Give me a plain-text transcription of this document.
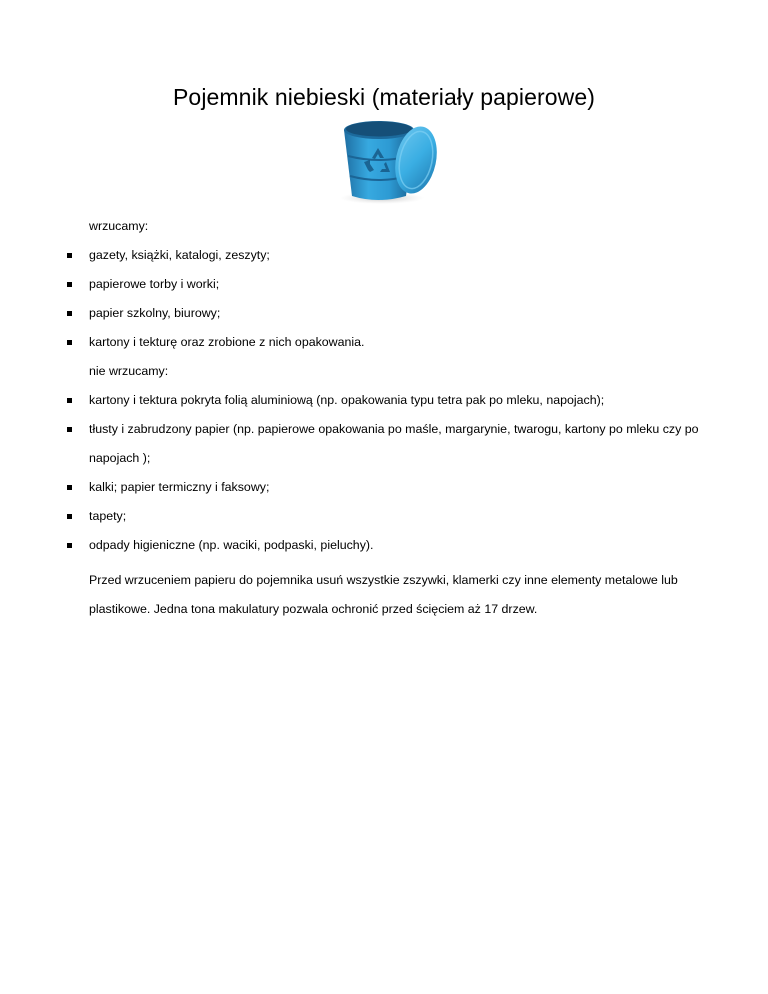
Pojemnik niebieski (materiały papierowe)
wrzucamy:
gazety, książki, katalogi, zeszyty;
papierowe torby i worki;
papier szkolny, biurowy;
kartony i tekturę oraz zrobione z nich opakowania.
nie wrzucamy:
kartony i tektura pokryta folią aluminiową (np. opakowania typu tetra pak po mleku, napojach);
tłusty i zabrudzony papier (np. papierowe opakowania po maśle, margarynie, twarogu, kartony po mleku czy po napojach );
kalki; papier termiczny i faksowy;
tapety;
odpady higieniczne (np. waciki, podpaski, pieluchy).
Przed wrzuceniem papieru do pojemnika usuń wszystkie zszywki, klamerki czy inne elementy metalowe lub plastikowe. Jedna tona makulatury pozwala ochronić przed ścięciem aż 17 drzew.
